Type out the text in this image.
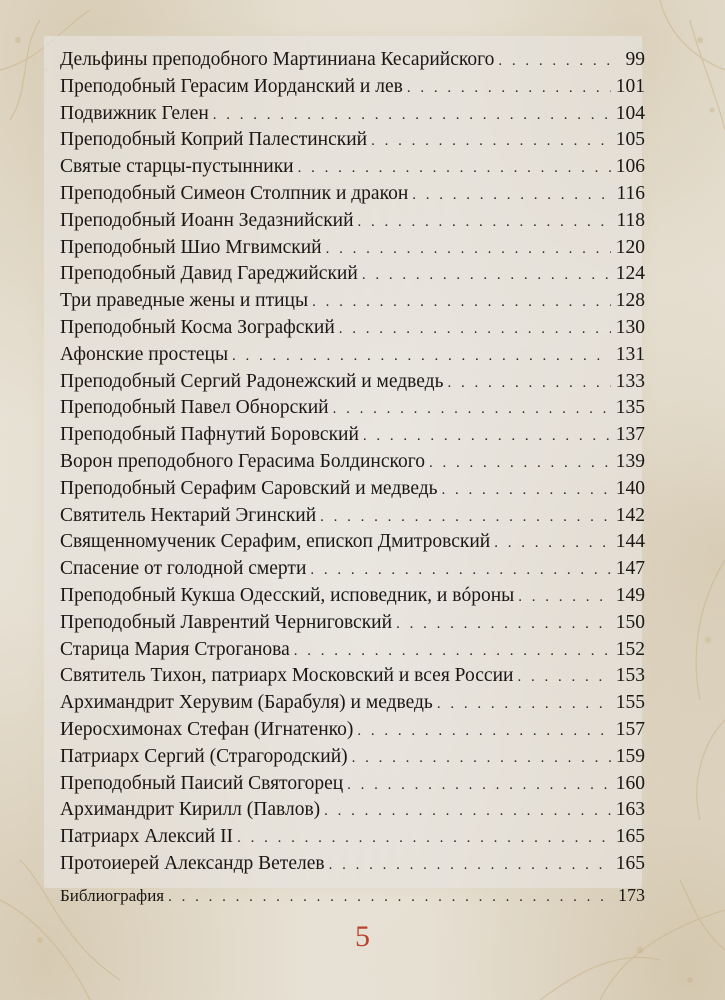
Дельфины преподобного Мартиниана Кесарийского . . .	99
Преподобный Герасим Иорданский и лев . . .	101
Подвижник Гелен . . .	104
Преподобный Коприй Палестинский . . .	105
Святые старцы-пустынники . . .	106
Преподобный Симеон Столпник и дракон . . .	116
Преподобный Иоанн Зедазнийский . . .	118
Преподобный Шио Мгвимский . . .	120
Преподобный Давид Гареджийский . . .	124
Три праведные жены и птицы . . .	128
Преподобный Косма Зографский . . .	130
Афонские простецы . . .	131
Преподобный Сергий Радонежский и медведь . . .	133
Преподобный Павел Обнорский . . .	135
Преподобный Пафнутий Боровский . . .	137
Ворон преподобного Герасима Болдинского . . .	139
Преподобный Серафим Саровский и медведь . . .	140
Святитель Нектарий Эгинский . . .	142
Священномученик Серафим, епископ Дмитровский . . .	144
Спасение от голодной смерти . . .	147
Преподобный Кукша Одесский, исповедник, и вóроны . . .	149
Преподобный Лаврентий Черниговский . . .	150
Старица Мария Строганова . . .	152
Святитель Тихон, патриарх Московский и всея России . . .	153
Архимандрит Херувим (Барабуля) и медведь . . .	155
Иеросхимонах Стефан (Игнатенко) . . .	157
Патриарх Сергий (Страгородский) . . .	159
Преподобный Паисий Святогорец . . .	160
Архимандрит Кирилл (Павлов) . . .	163
Патриарх Алексий II . . .	165
Протоиерей Александр Ветелев . . .	165
Библиография . . .	173
5
